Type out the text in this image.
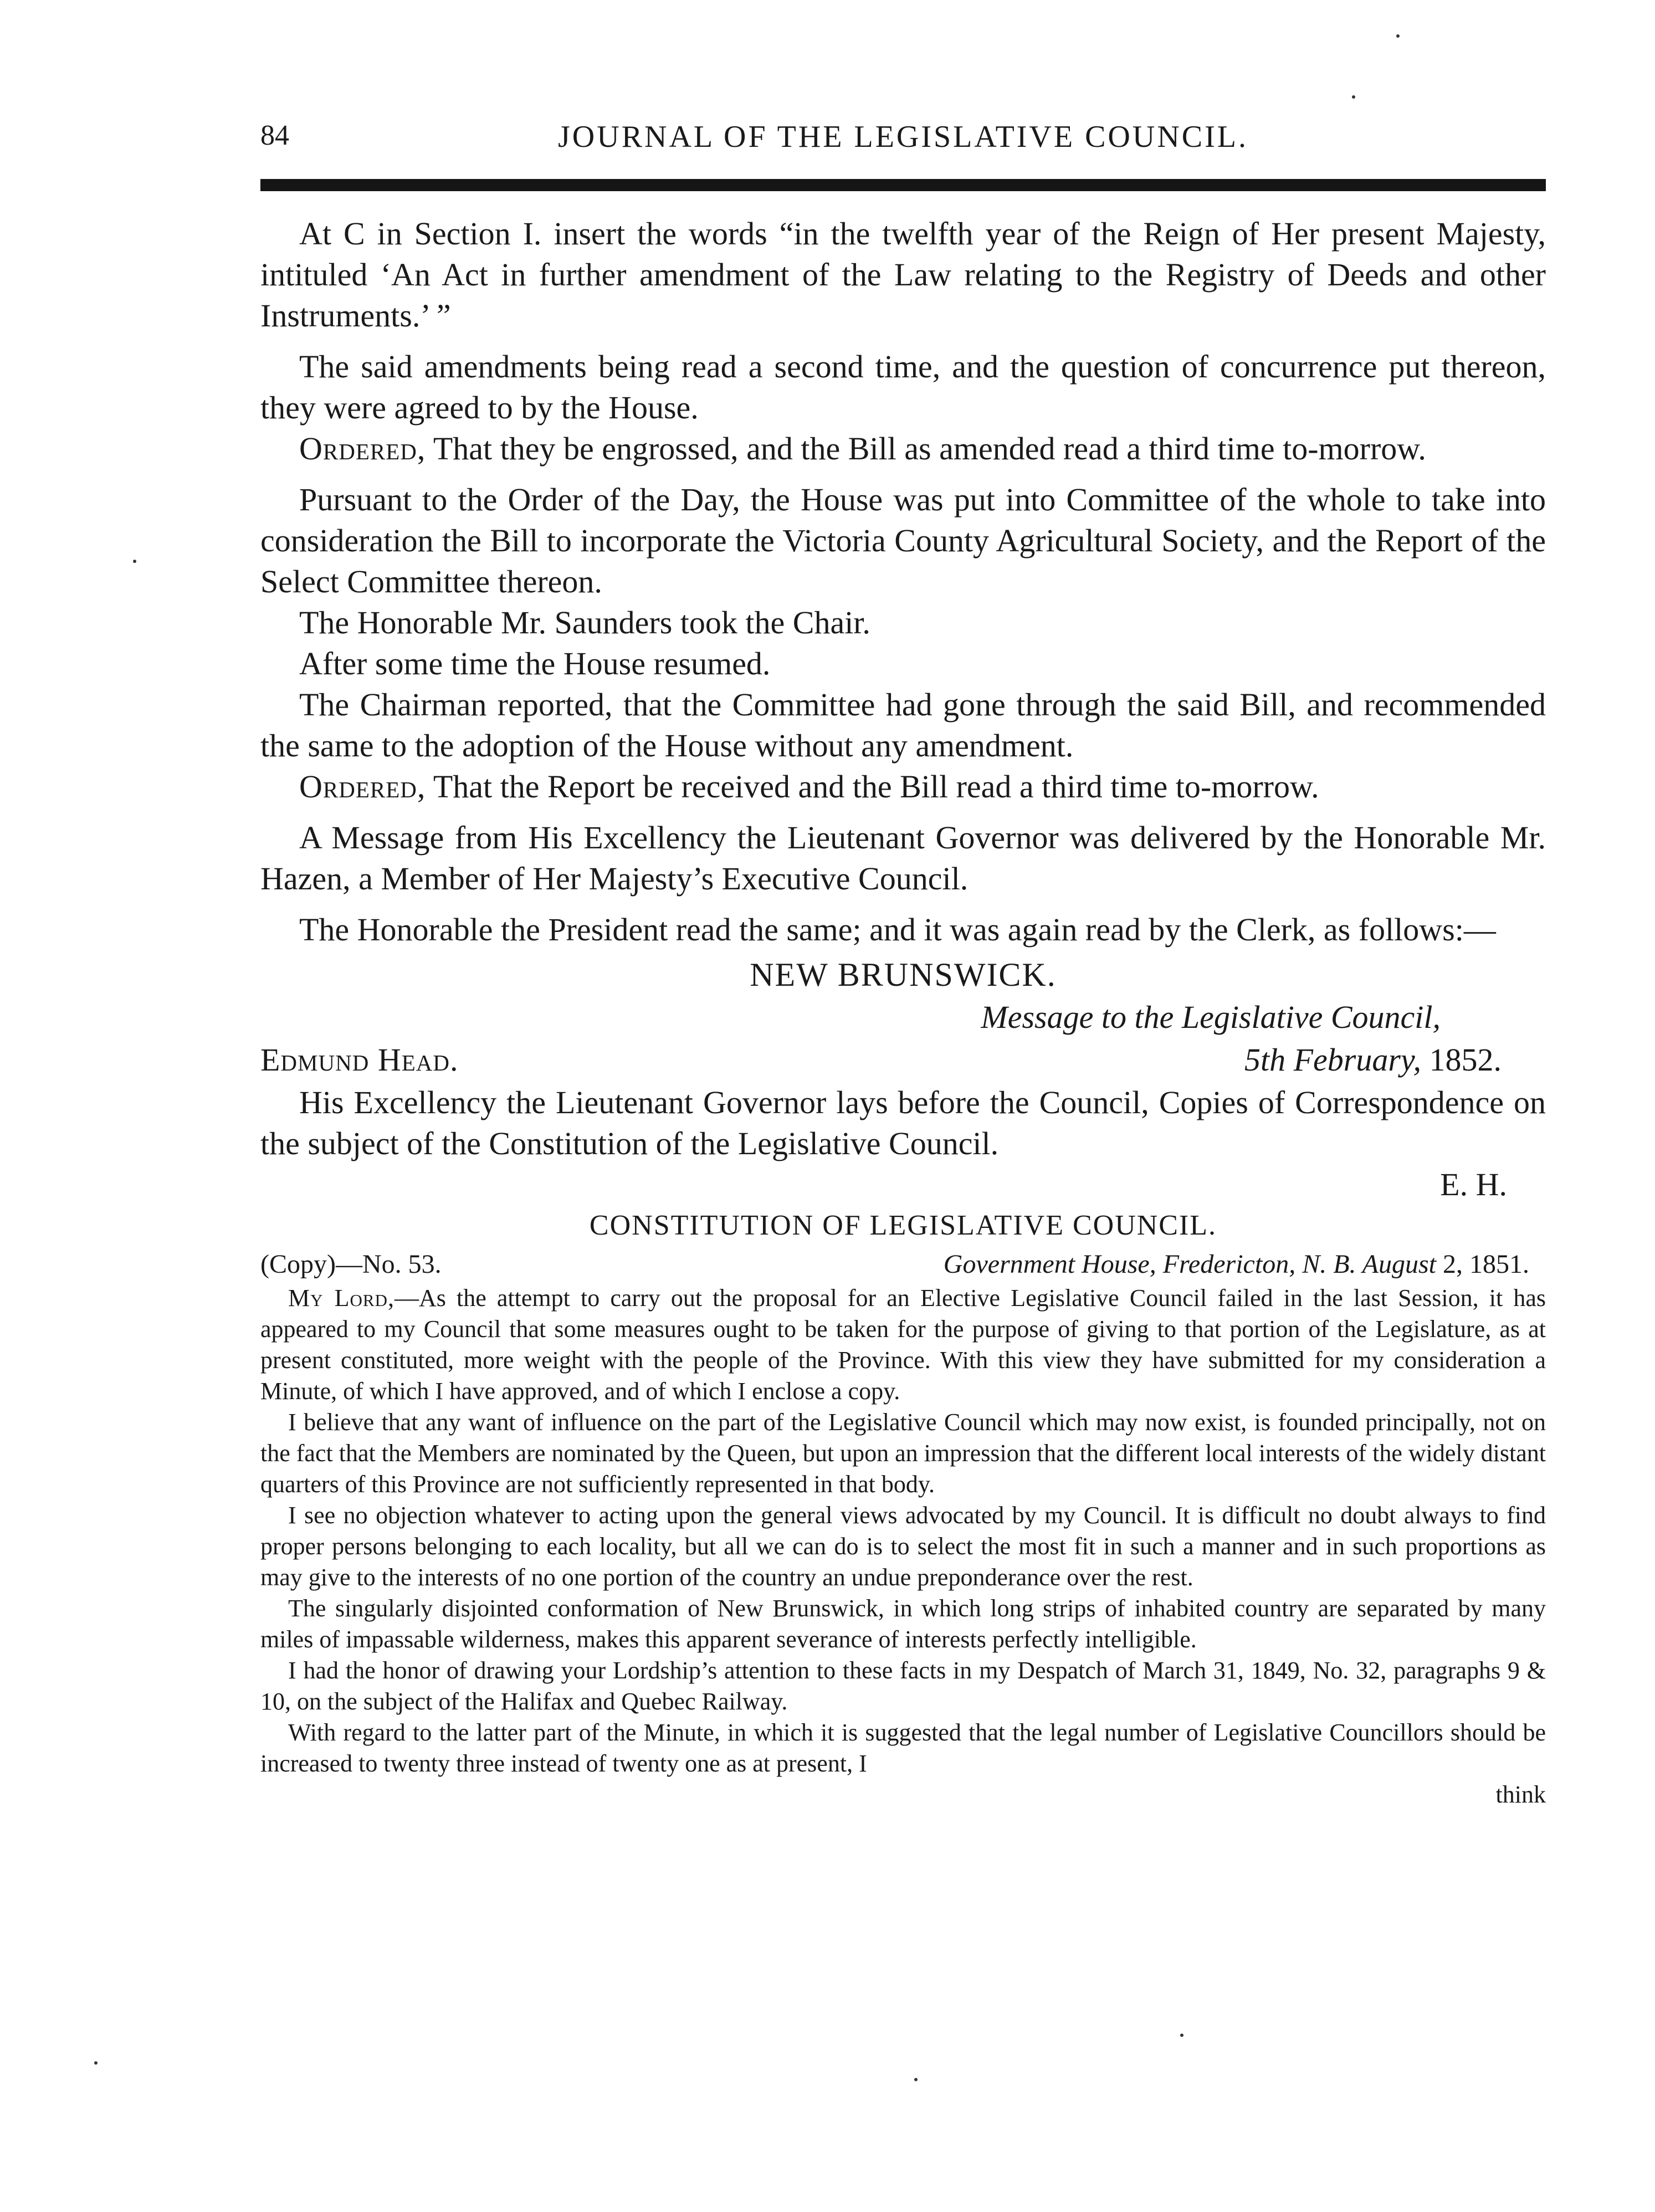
84	JOURNAL OF THE LEGISLATIVE COUNCIL.

At C in Section I. insert the words “in the twelfth year of the Reign of Her present Majesty, intituled ‘An Act in further amendment of the Law relating to the Registry of Deeds and other Instruments.’ ”

The said amendments being read a second time, and the question of concurrence put thereon, they were agreed to by the House.

Ordered, That they be engrossed, and the Bill as amended read a third time to-morrow.

Pursuant to the Order of the Day, the House was put into Committee of the whole to take into consideration the Bill to incorporate the Victoria County Agricultural Society, and the Report of the Select Committee thereon.

The Honorable Mr. Saunders took the Chair.

After some time the House resumed.

The Chairman reported, that the Committee had gone through the said Bill, and recommended the same to the adoption of the House without any amendment.

Ordered, That the Report be received and the Bill read a third time to-morrow.

A Message from His Excellency the Lieutenant Governor was delivered by the Honorable Mr. Hazen, a Member of Her Majesty’s Executive Council.

The Honorable the President read the same; and it was again read by the Clerk, as follows:—

NEW BRUNSWICK.
Message to the Legislative Council,
Edmund Head.	5th February, 1852.

His Excellency the Lieutenant Governor lays before the Council, Copies of Correspondence on the subject of the Constitution of the Legislative Council.

E. H.
CONSTITUTION OF LEGISLATIVE COUNCIL.
(Copy)—No. 53.	Government House, Fredericton, N. B. August 2, 1851.

My Lord,—As the attempt to carry out the proposal for an Elective Legislative Council failed in the last Session, it has appeared to my Council that some measures ought to be taken for the purpose of giving to that portion of the Legislature, as at present constituted, more weight with the people of the Province. With this view they have submitted for my consideration a Minute, of which I have approved, and of which I enclose a copy.

I believe that any want of influence on the part of the Legislative Council which may now exist, is founded principally, not on the fact that the Members are nominated by the Queen, but upon an impression that the different local interests of the widely distant quarters of this Province are not sufficiently represented in that body.

I see no objection whatever to acting upon the general views advocated by my Council. It is difficult no doubt always to find proper persons belonging to each locality, but all we can do is to select the most fit in such a manner and in such proportions as may give to the interests of no one portion of the country an undue preponderance over the rest.

The singularly disjointed conformation of New Brunswick, in which long strips of inhabited country are separated by many miles of impassable wilderness, makes this apparent severance of interests perfectly intelligible.

I had the honor of drawing your Lordship’s attention to these facts in my Despatch of March 31, 1849, No. 32, paragraphs 9 & 10, on the subject of the Halifax and Quebec Railway.

With regard to the latter part of the Minute, in which it is suggested that the legal number of Legislative Councillors should be increased to twenty three instead of twenty one as at present, I

think
